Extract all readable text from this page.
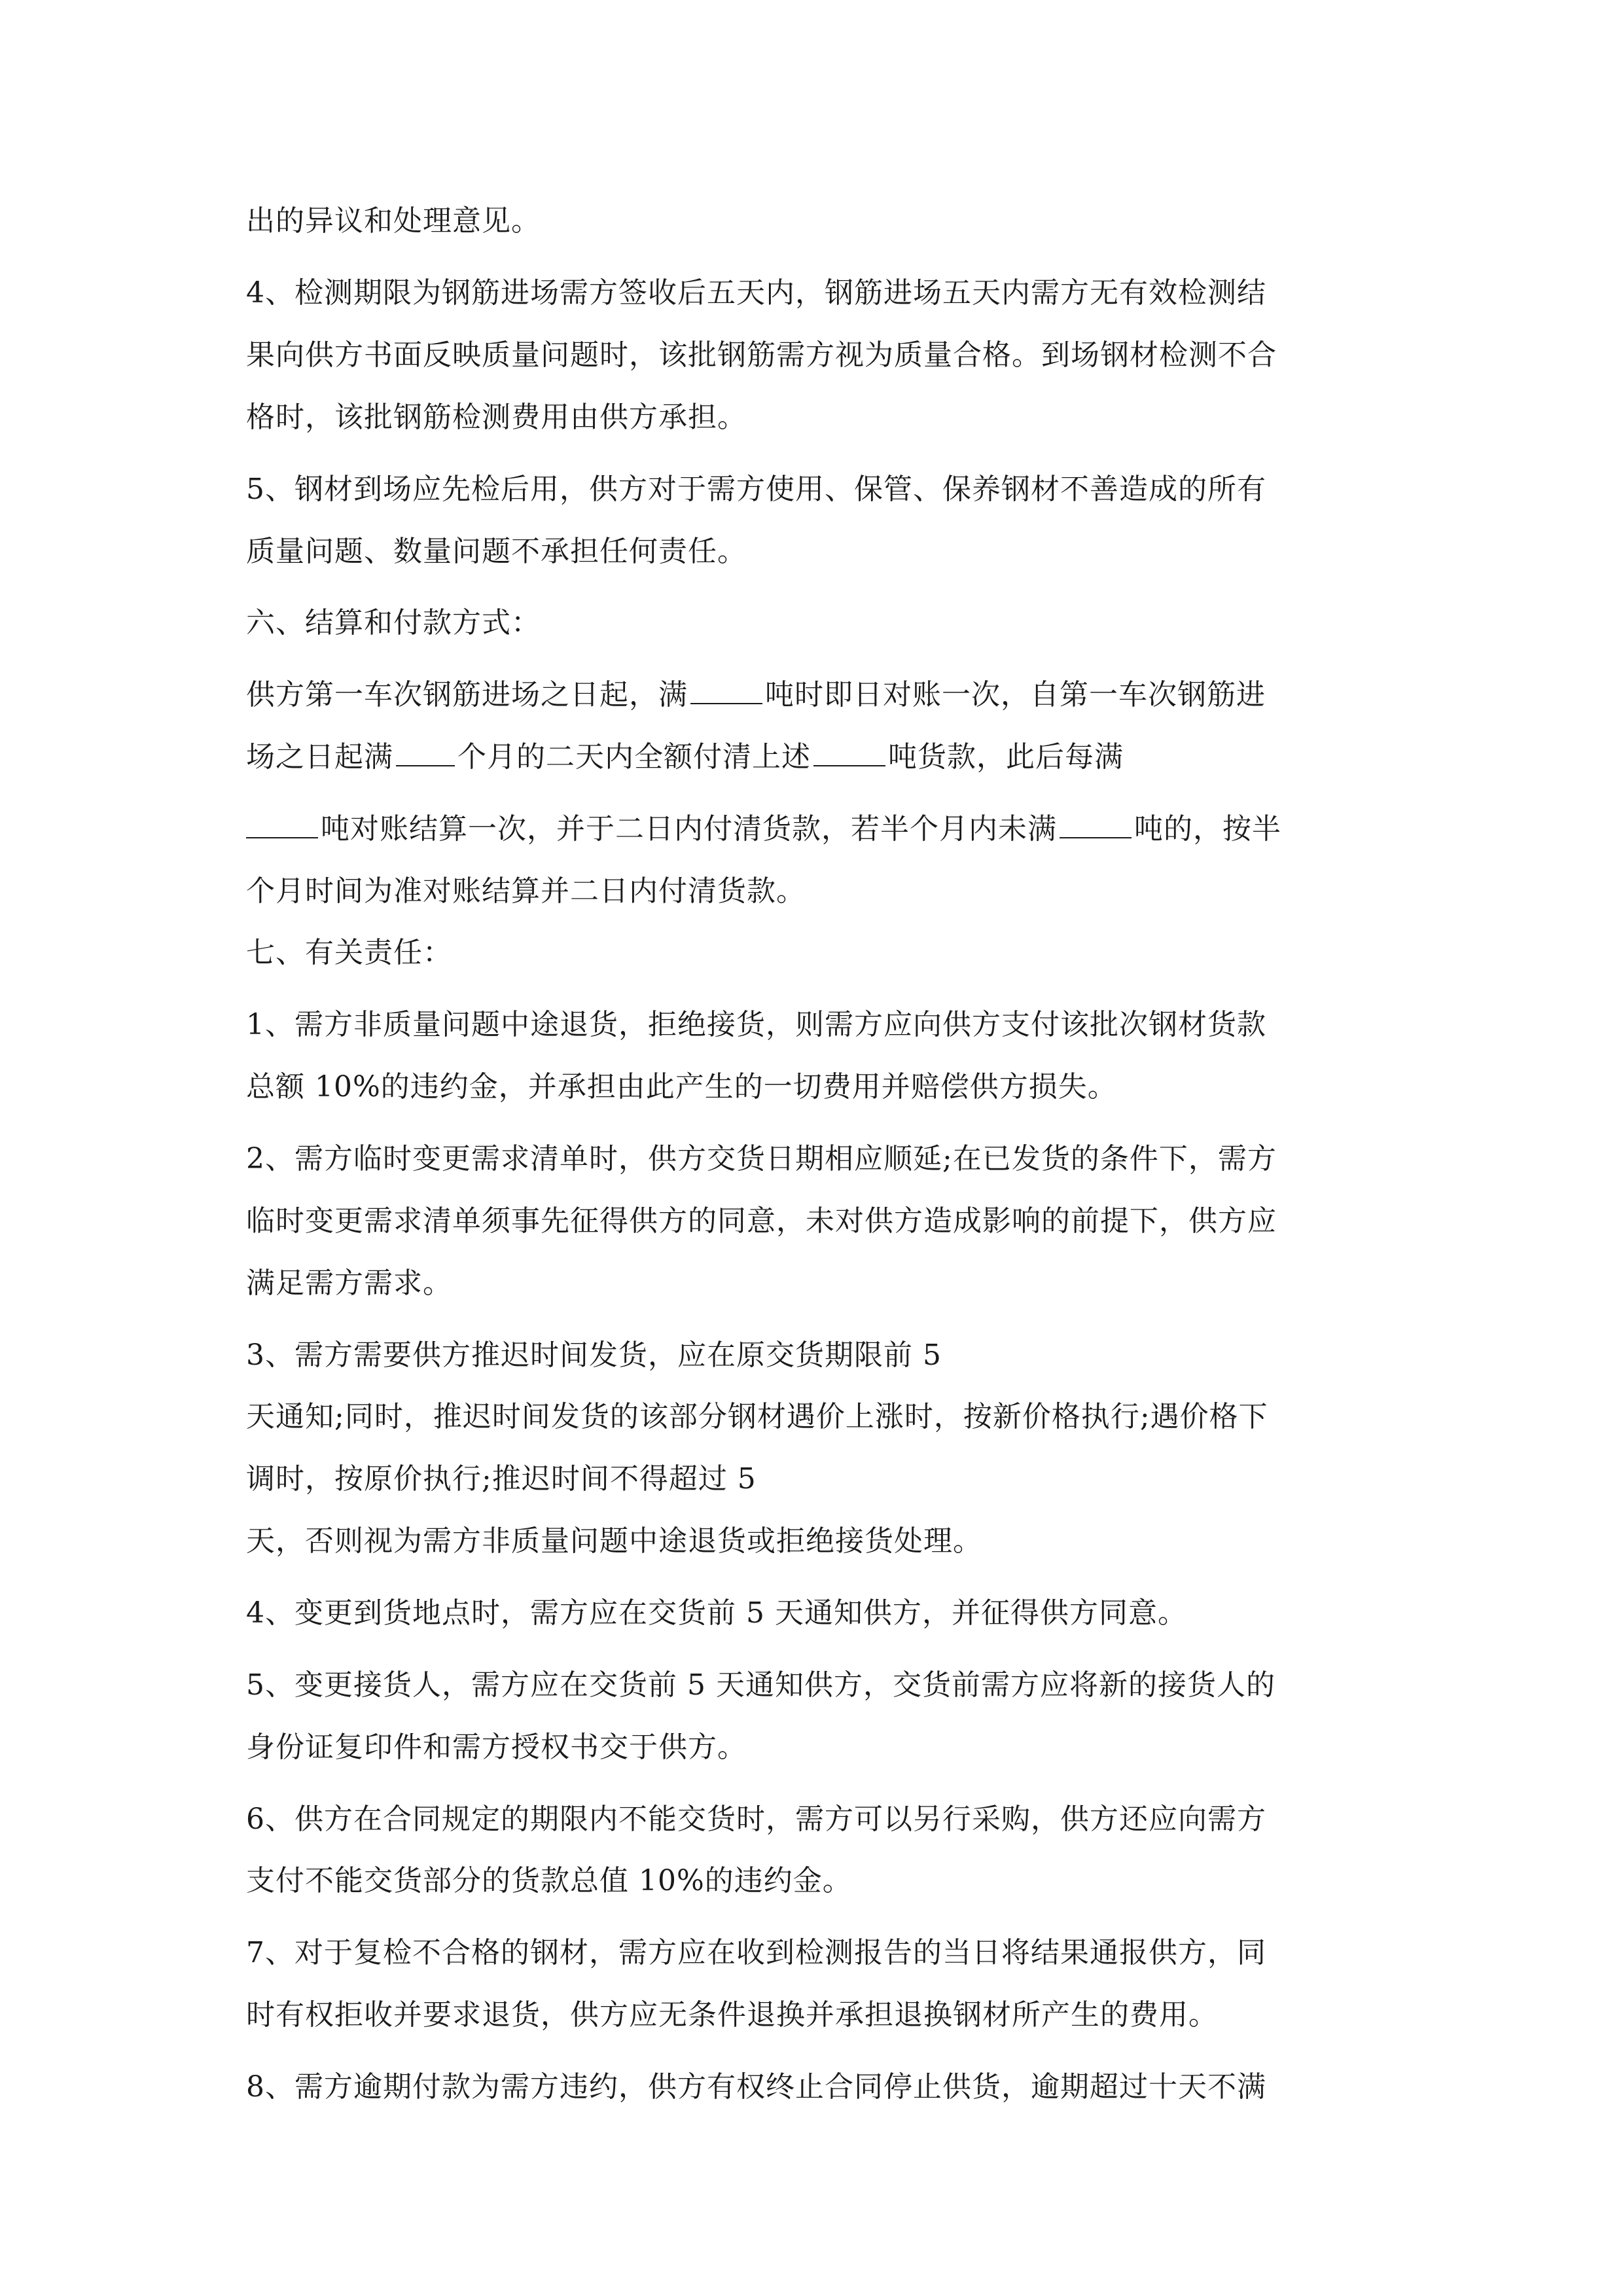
出的异议和处理意见。
4、检测期限为钢筋进场需方签收后五天内，钢筋进场五天内需方无有效检测结
果向供方书面反映质量问题时，该批钢筋需方视为质量合格。到场钢材检测不合
格时，该批钢筋检测费用由供方承担。
5、钢材到场应先检后用，供方对于需方使用、保管、保养钢材不善造成的所有
质量问题、数量问题不承担任何责任。
六、结算和付款方式：
供方第一车次钢筋进场之日起，满	吨时即日对账一次，自第一车次钢筋进
场之日起满 个月的二天内全额付清上述	吨货款，此后每满
吨对账结算一次，并于二日内付清货款，若半个月内未满	吨的，按半
个月时间为准对账结算并二日内付清货款。
七、有关责任：
1、需方非质量问题中途退货，拒绝接货，则需方应向供方支付该批次钢材货款
总额 10%的违约金，并承担由此产生的一切费用并赔偿供方损失。
2、需方临时变更需求清单时，供方交货日期相应顺延;在已发货的条件下，需方
临时变更需求清单须事先征得供方的同意，未对供方造成影响的前提下，供方应
满足需方需求。
3、需方需要供方推迟时间发货，应在原交货期限前 5
天通知;同时，推迟时间发货的该部分钢材遇价上涨时，按新价格执行;遇价格下
调时，按原价执行;推迟时间不得超过 5
天，否则视为需方非质量问题中途退货或拒绝接货处理。
4、变更到货地点时，需方应在交货前 5 天通知供方，并征得供方同意。
5、变更接货人，需方应在交货前 5 天通知供方，交货前需方应将新的接货人的
身份证复印件和需方授权书交于供方。
6、供方在合同规定的期限内不能交货时，需方可以另行采购，供方还应向需方
支付不能交货部分的货款总值 10%的违约金。
7、对于复检不合格的钢材，需方应在收到检测报告的当日将结果通报供方，同
时有权拒收并要求退货，供方应无条件退换并承担退换钢材所产生的费用。
8、需方逾期付款为需方违约，供方有权终止合同停止供货，逾期超过十天不满
